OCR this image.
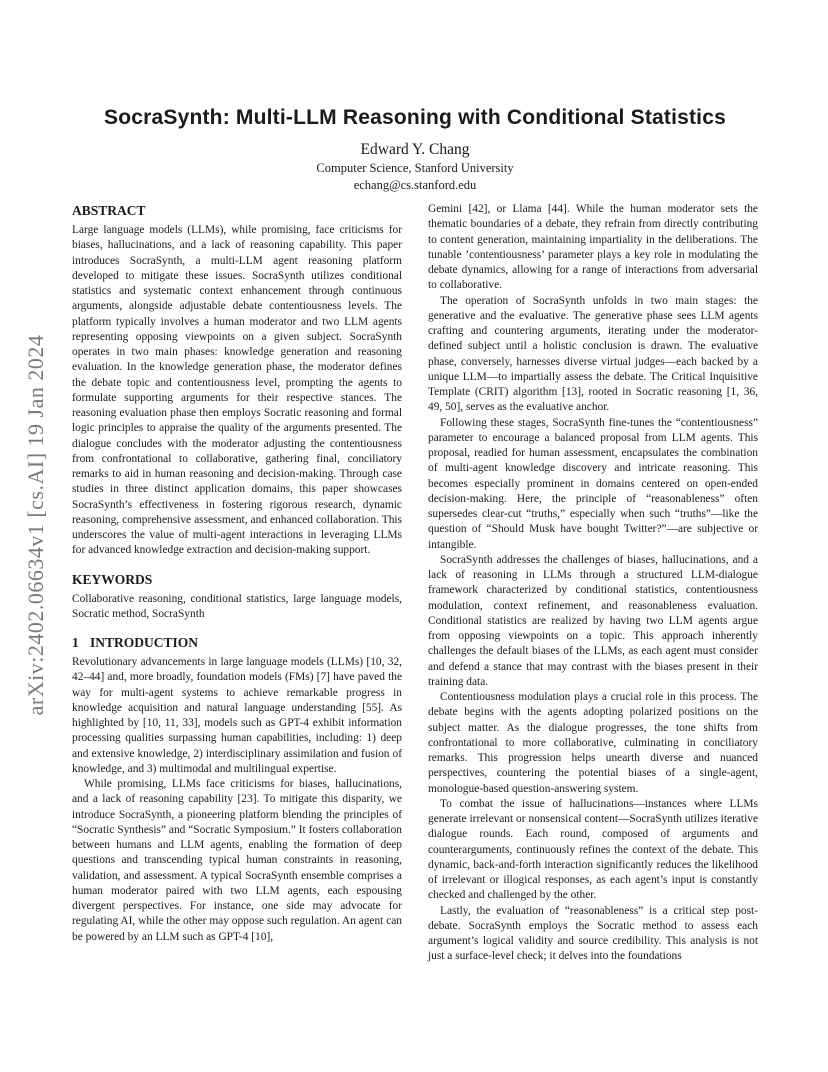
arXiv:2402.06634v1 [cs.AI] 19 Jan 2024
SocraSynth: Multi-LLM Reasoning with Conditional Statistics
Edward Y. Chang
Computer Science, Stanford University
echang@cs.stanford.edu
ABSTRACT

Large language models (LLMs), while promising, face criticisms for biases, hallucinations, and a lack of reasoning capability. This paper introduces SocraSynth, a multi-LLM agent reasoning platform developed to mitigate these issues. SocraSynth utilizes conditional statistics and systematic context enhancement through continuous arguments, alongside adjustable debate contentiousness levels. The platform typically involves a human moderator and two LLM agents representing opposing viewpoints on a given subject. SocraSynth operates in two main phases: knowledge generation and reasoning evaluation. In the knowledge generation phase, the moderator defines the debate topic and contentiousness level, prompting the agents to formulate supporting arguments for their respective stances. The reasoning evaluation phase then employs Socratic reasoning and formal logic principles to appraise the quality of the arguments presented. The dialogue concludes with the moderator adjusting the contentiousness from confrontational to collaborative, gathering final, conciliatory remarks to aid in human reasoning and decision-making. Through case studies in three distinct application domains, this paper showcases SocraSynth’s effectiveness in fostering rigorous research, dynamic reasoning, comprehensive assessment, and enhanced collaboration. This underscores the value of multi-agent interactions in leveraging LLMs for advanced knowledge extraction and decision-making support.

KEYWORDS

Collaborative reasoning, conditional statistics, large language models, Socratic method, SocraSynth

1 INTRODUCTION

Revolutionary advancements in large language models (LLMs) [10, 32, 42–44] and, more broadly, foundation models (FMs) [7] have paved the way for multi-agent systems to achieve remarkable progress in knowledge acquisition and natural language understanding [55]. As highlighted by [10, 11, 33], models such as GPT-4 exhibit information processing qualities surpassing human capabilities, including: 1) deep and extensive knowledge, 2) interdisciplinary assimilation and fusion of knowledge, and 3) multimodal and multilingual expertise.

While promising, LLMs face criticisms for biases, hallucinations, and a lack of reasoning capability [23]. To mitigate this disparity, we introduce SocraSynth, a pioneering platform blending the principles of “Socratic Synthesis” and “Socratic Symposium.” It fosters collaboration between humans and LLM agents, enabling the formation of deep questions and transcending typical human constraints in reasoning, validation, and assessment. A typical SocraSynth ensemble comprises a human moderator paired with two LLM agents, each espousing divergent perspectives. For instance, one side may advocate for regulating AI, while the other may oppose such regulation. An agent can be powered by an LLM such as GPT-4 [10],

Gemini [42], or Llama [44]. While the human moderator sets the thematic boundaries of a debate, they refrain from directly contributing to content generation, maintaining impartiality in the deliberations. The tunable ’contentiousness’ parameter plays a key role in modulating the debate dynamics, allowing for a range of interactions from adversarial to collaborative.

The operation of SocraSynth unfolds in two main stages: the generative and the evaluative. The generative phase sees LLM agents crafting and countering arguments, iterating under the moderator-defined subject until a holistic conclusion is drawn. The evaluative phase, conversely, harnesses diverse virtual judges—each backed by a unique LLM—to impartially assess the debate. The Critical Inquisitive Template (CRIT) algorithm [13], rooted in Socratic reasoning [1, 36, 49, 50], serves as the evaluative anchor.

Following these stages, SocraSynth fine-tunes the “contentiousness” parameter to encourage a balanced proposal from LLM agents. This proposal, readied for human assessment, encapsulates the combination of multi-agent knowledge discovery and intricate reasoning. This becomes especially prominent in domains centered on open-ended decision-making. Here, the principle of “reasonableness” often supersedes clear-cut “truths,” especially when such “truths”—like the question of “Should Musk have bought Twitter?”—are subjective or intangible.

SocraSynth addresses the challenges of biases, hallucinations, and a lack of reasoning in LLMs through a structured LLM-dialogue framework characterized by conditional statistics, contentiousness modulation, context refinement, and reasonableness evaluation. Conditional statistics are realized by having two LLM agents argue from opposing viewpoints on a topic. This approach inherently challenges the default biases of the LLMs, as each agent must consider and defend a stance that may contrast with the biases present in their training data.

Contentiousness modulation plays a crucial role in this process. The debate begins with the agents adopting polarized positions on the subject matter. As the dialogue progresses, the tone shifts from confrontational to more collaborative, culminating in conciliatory remarks. This progression helps unearth diverse and nuanced perspectives, countering the potential biases of a single-agent, monologue-based question-answering system.

To combat the issue of hallucinations—instances where LLMs generate irrelevant or nonsensical content—SocraSynth utilizes iterative dialogue rounds. Each round, composed of arguments and counterarguments, continuously refines the context of the debate. This dynamic, back-and-forth interaction significantly reduces the likelihood of irrelevant or illogical responses, as each agent’s input is constantly checked and challenged by the other.

Lastly, the evaluation of “reasonableness” is a critical step post-debate. SocraSynth employs the Socratic method to assess each argument’s logical validity and source credibility. This analysis is not just a surface-level check; it delves into the foundations
